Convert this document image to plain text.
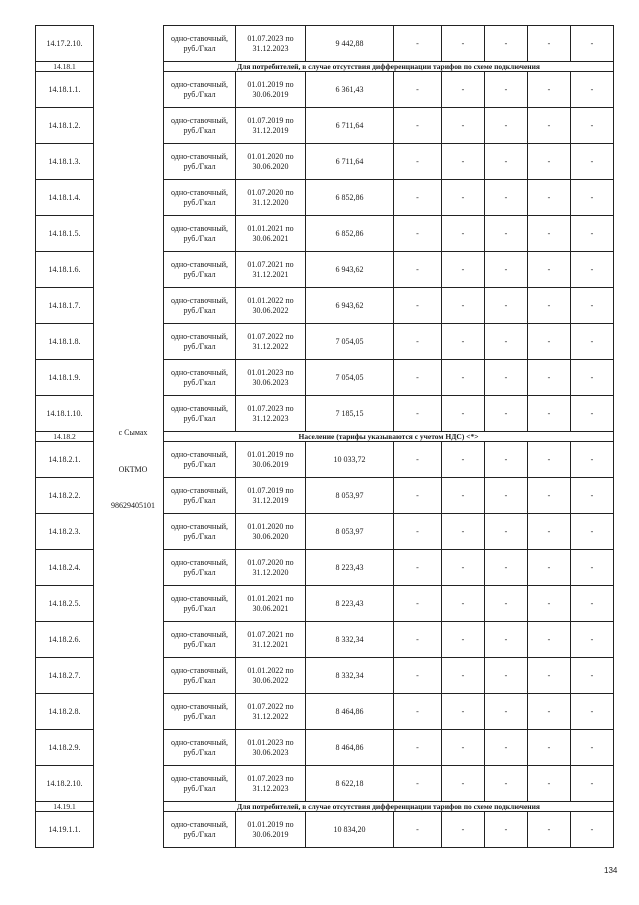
14.17.2.10.		одно-ставочный, руб./Гкал	01.07.2023 по
31.12.2023	9 442,88	-	-	-	-	-
14.18.1		Для потребителей, в случае отсутствия дифференциации тарифов по схеме подключения							
14.18.1.1.		одно-ставочный, руб./Гкал	01.01.2019 по
30.06.2019	6 361,43	-	-	-	-	-
14.18.1.2.		одно-ставочный, руб./Гкал	01.07.2019 по
31.12.2019	6 711,64	-	-	-	-	-
14.18.1.3.		одно-ставочный, руб./Гкал	01.01.2020 по
30.06.2020	6 711,64	-	-	-	-	-
14.18.1.4.		одно-ставочный, руб./Гкал	01.07.2020 по
31.12.2020	6 852,86	-	-	-	-	-
14.18.1.5.		одно-ставочный, руб./Гкал	01.01.2021 по
30.06.2021	6 852,86	-	-	-	-	-
14.18.1.6.		одно-ставочный, руб./Гкал	01.07.2021 по
31.12.2021	6 943,62	-	-	-	-	-
14.18.1.7.		одно-ставочный, руб./Гкал	01.01.2022 по
30.06.2022	6 943,62	-	-	-	-	-
14.18.1.8.		одно-ставочный, руб./Гкал	01.07.2022 по
31.12.2022	7 054,05	-	-	-	-	-
14.18.1.9.		одно-ставочный, руб./Гкал	01.01.2023 по
30.06.2023	7 054,05	-	-	-	-	-
14.18.1.10.		одно-ставочный, руб./Гкал	01.07.2023 по
31.12.2023	7 185,15	-	-	-	-	-
14.18.2		Население (тарифы указываются с учетом НДС) <*>							
14.18.2.1.		одно-ставочный, руб./Гкал	01.01.2019 по
30.06.2019	10 033,72	-	-	-	-	-
14.18.2.2.		одно-ставочный, руб./Гкал	01.07.2019 по
31.12.2019	8 053,97	-	-	-	-	-
14.18.2.3.		одно-ставочный, руб./Гкал	01.01.2020 по
30.06.2020	8 053,97	-	-	-	-	-
14.18.2.4.		одно-ставочный, руб./Гкал	01.07.2020 по
31.12.2020	8 223,43	-	-	-	-	-
14.18.2.5.		одно-ставочный, руб./Гкал	01.01.2021 по
30.06.2021	8 223,43	-	-	-	-	-
14.18.2.6.		одно-ставочный, руб./Гкал	01.07.2021 по
31.12.2021	8 332,34	-	-	-	-	-
14.18.2.7.		одно-ставочный, руб./Гкал	01.01.2022 по
30.06.2022	8 332,34	-	-	-	-	-
14.18.2.8.		одно-ставочный, руб./Гкал	01.07.2022 по
31.12.2022	8 464,86	-	-	-	-	-
14.18.2.9.		одно-ставочный, руб./Гкал	01.01.2023 по
30.06.2023	8 464,86	-	-	-	-	-
14.18.2.10.		одно-ставочный, руб./Гкал	01.07.2023 по
31.12.2023	8 622,18	-	-	-	-	-
14.19.1		Для потребителей, в случае отсутствия дифференциации тарифов по схеме подключения							
14.19.1.1.		одно-ставочный, руб./Гкал	01.01.2019 по
30.06.2019	10 834,20	-	-	-	-	-
с Сымах
ОКТМО
98629405101
134
